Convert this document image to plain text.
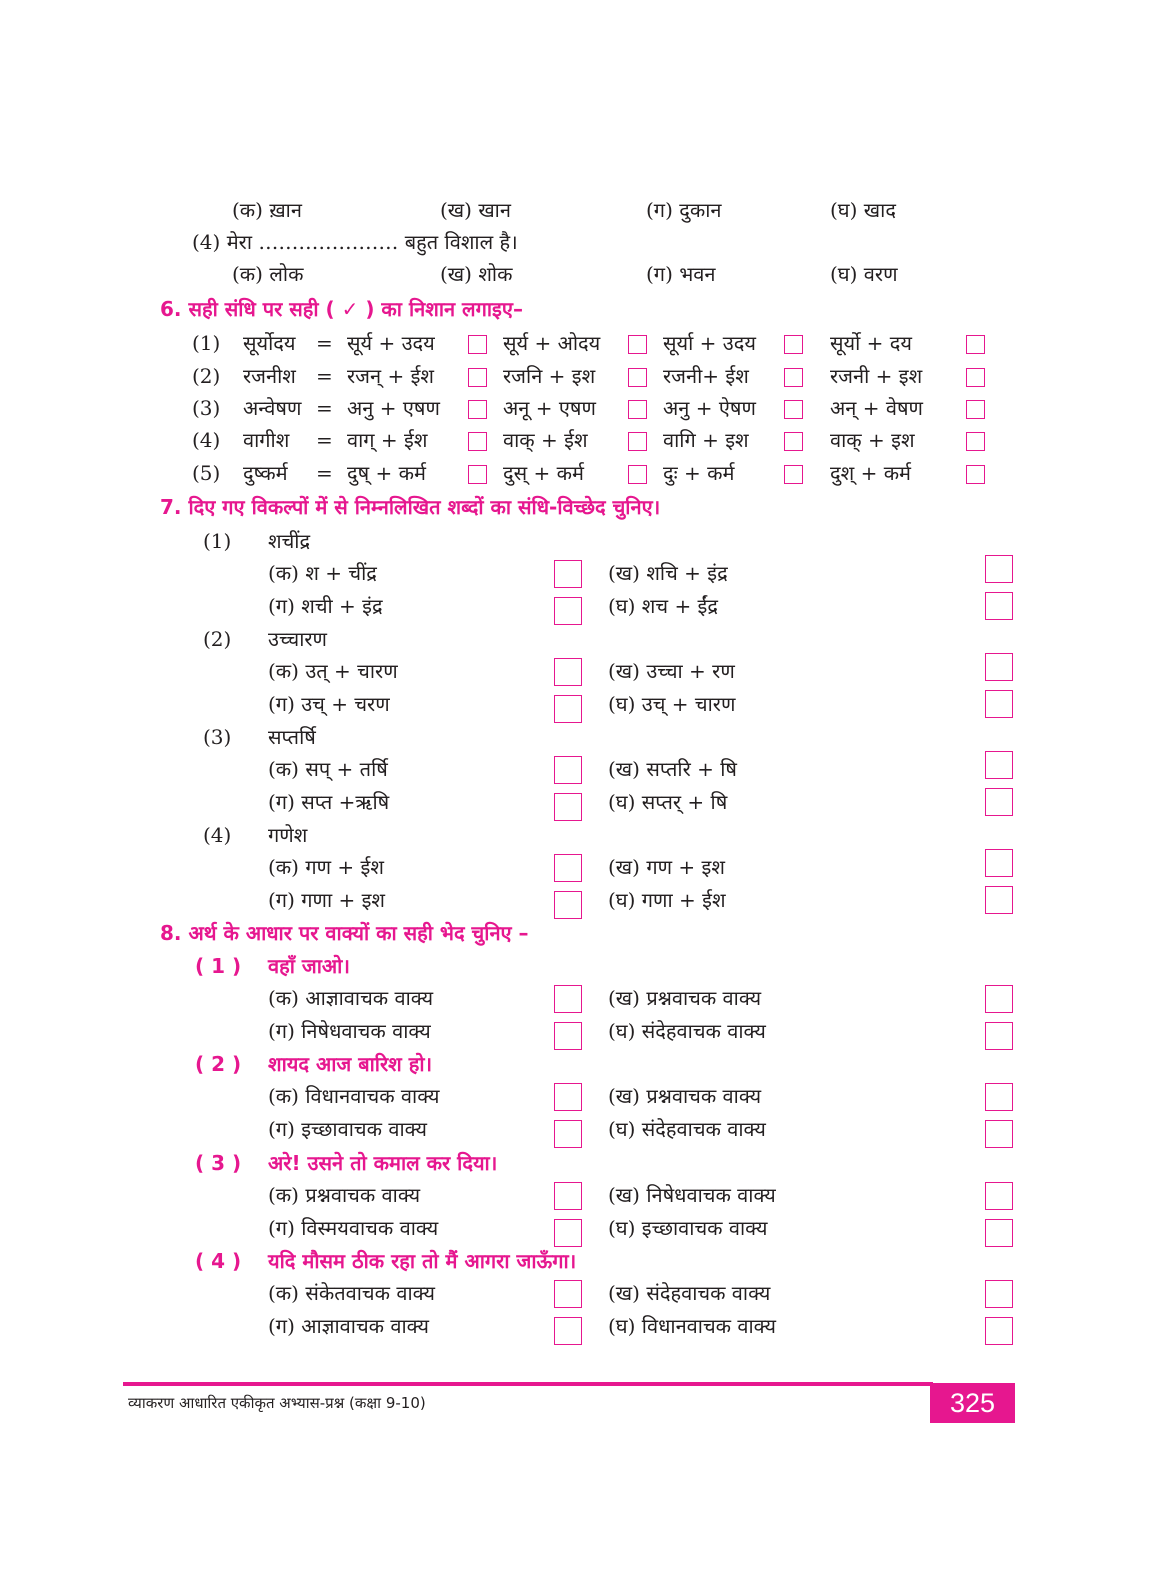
(क) ख़ान	(ख) खान	(ग) दुकान	(घ) खाद
(4) मेरा ………………… बहुत विशाल है।
(क) लोक	(ख) शोक	(ग) भवन	(घ) वरण
6. सही संधि पर सही ( ✓ ) का निशान लगाइए–
(1) सूर्योदय = सूर्य + उदय	सूर्य + ओदय	सूर्या + उदय	सूर्यो + दय
(2) रजनीश = रजन् + ईश	रजनि + इश	रजनी+ ईश	रजनी + इश
(3) अन्वेषण = अनु + एषण	अनू + एषण	अनु + ऐषण	अन् + वेषण
(4) वागीश = वाग् + ईश	वाक् + ईश	वागि + इश	वाक् + इश
(5) दुष्कर्म = दुष् + कर्म	दुस् + कर्म	दुः + कर्म	दुश् + कर्म
7. दिए गए विकल्पों में से निम्नलिखित शब्दों का संधि-विच्छेद चुनिए।
(1) शचींद्र
(क) श + चींद्र	(ख) शचि + इंद्र
(ग) शची + इंद्र	(घ) शच + ईंद्र
(2) उच्चारण
(क) उत् + चारण	(ख) उच्चा + रण
(ग) उच् + चरण	(घ) उच् + चारण
(3) सप्तर्षि
(क) सप् + तर्षि	(ख) सप्तरि + षि
(ग) सप्त +ऋषि	(घ) सप्तर् + षि
(4) गणेश
(क) गण + ईश	(ख) गण + इश
(ग) गणा + इश	(घ) गणा + ईश
8. अर्थ के आधार पर वाक्यों का सही भेद चुनिए –
( 1 ) वहाँ जाओ।
(क) आज्ञावाचक वाक्य	(ख) प्रश्नवाचक वाक्य
(ग) निषेधवाचक वाक्य	(घ) संदेहवाचक वाक्य
( 2 ) शायद आज बारिश हो।
(क) विधानवाचक वाक्य	(ख) प्रश्नवाचक वाक्य
(ग) इच्छावाचक वाक्य	(घ) संदेहवाचक वाक्य
( 3 ) अरे! उसने तो कमाल कर दिया।
(क) प्रश्नवाचक वाक्य	(ख) निषेधवाचक वाक्य
(ग) विस्मयवाचक वाक्य	(घ) इच्छावाचक वाक्य
( 4 ) यदि मौसम ठीक रहा तो मैं आगरा जाऊँगा।
(क) संकेतवाचक वाक्य	(ख) संदेहवाचक वाक्य
(ग) आज्ञावाचक वाक्य	(घ) विधानवाचक वाक्य
व्याकरण आधारित एकीकृत अभ्यास-प्रश्न (कक्षा 9-10)	325
